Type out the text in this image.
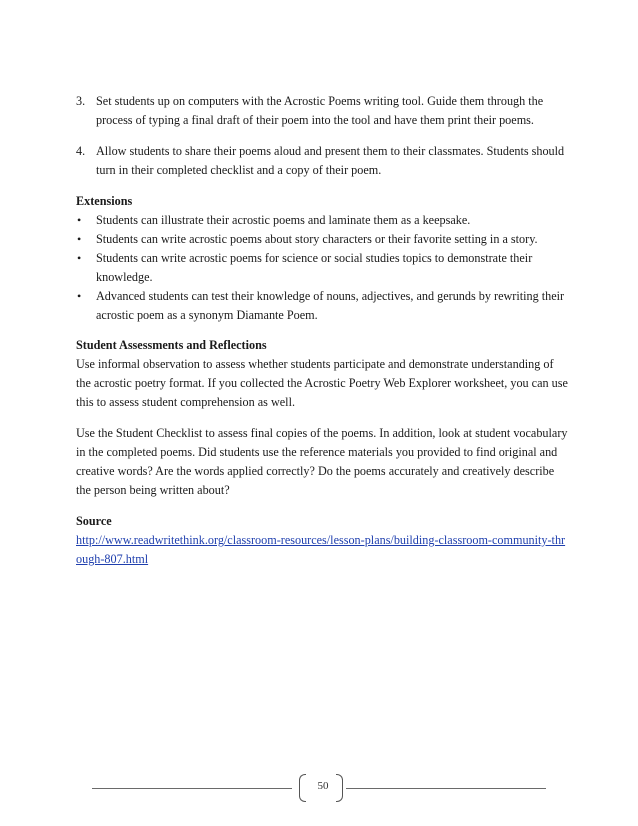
3. Set students up on computers with the Acrostic Poems writing tool. Guide them through the process of typing a final draft of their poem into the tool and have them print their poems.
4. Allow students to share their poems aloud and present them to their classmates. Students should turn in their completed checklist and a copy of their poem.
Extensions
• Students can illustrate their acrostic poems and laminate them as a keepsake.
• Students can write acrostic poems about story characters or their favorite setting in a story.
• Students can write acrostic poems for science or social studies topics to demonstrate their knowledge.
• Advanced students can test their knowledge of nouns, adjectives, and gerunds by rewriting their acrostic poem as a synonym Diamante Poem.
Student Assessments and Reflections

Use informal observation to assess whether students participate and demonstrate understanding of the acrostic poetry format. If you collected the Acrostic Poetry Web Explorer worksheet, you can use this to assess student comprehension as well.

Use the Student Checklist to assess final copies of the poems. In addition, look at student vocabulary in the completed poems. Did students use the reference materials you provided to find original and creative words? Are the words applied correctly? Do the poems accurately and creatively describe the person being written about?

Source
http://www.readwritethink.org/classroom-resources/lesson-plans/building-classroom-community-through-807.html
50
